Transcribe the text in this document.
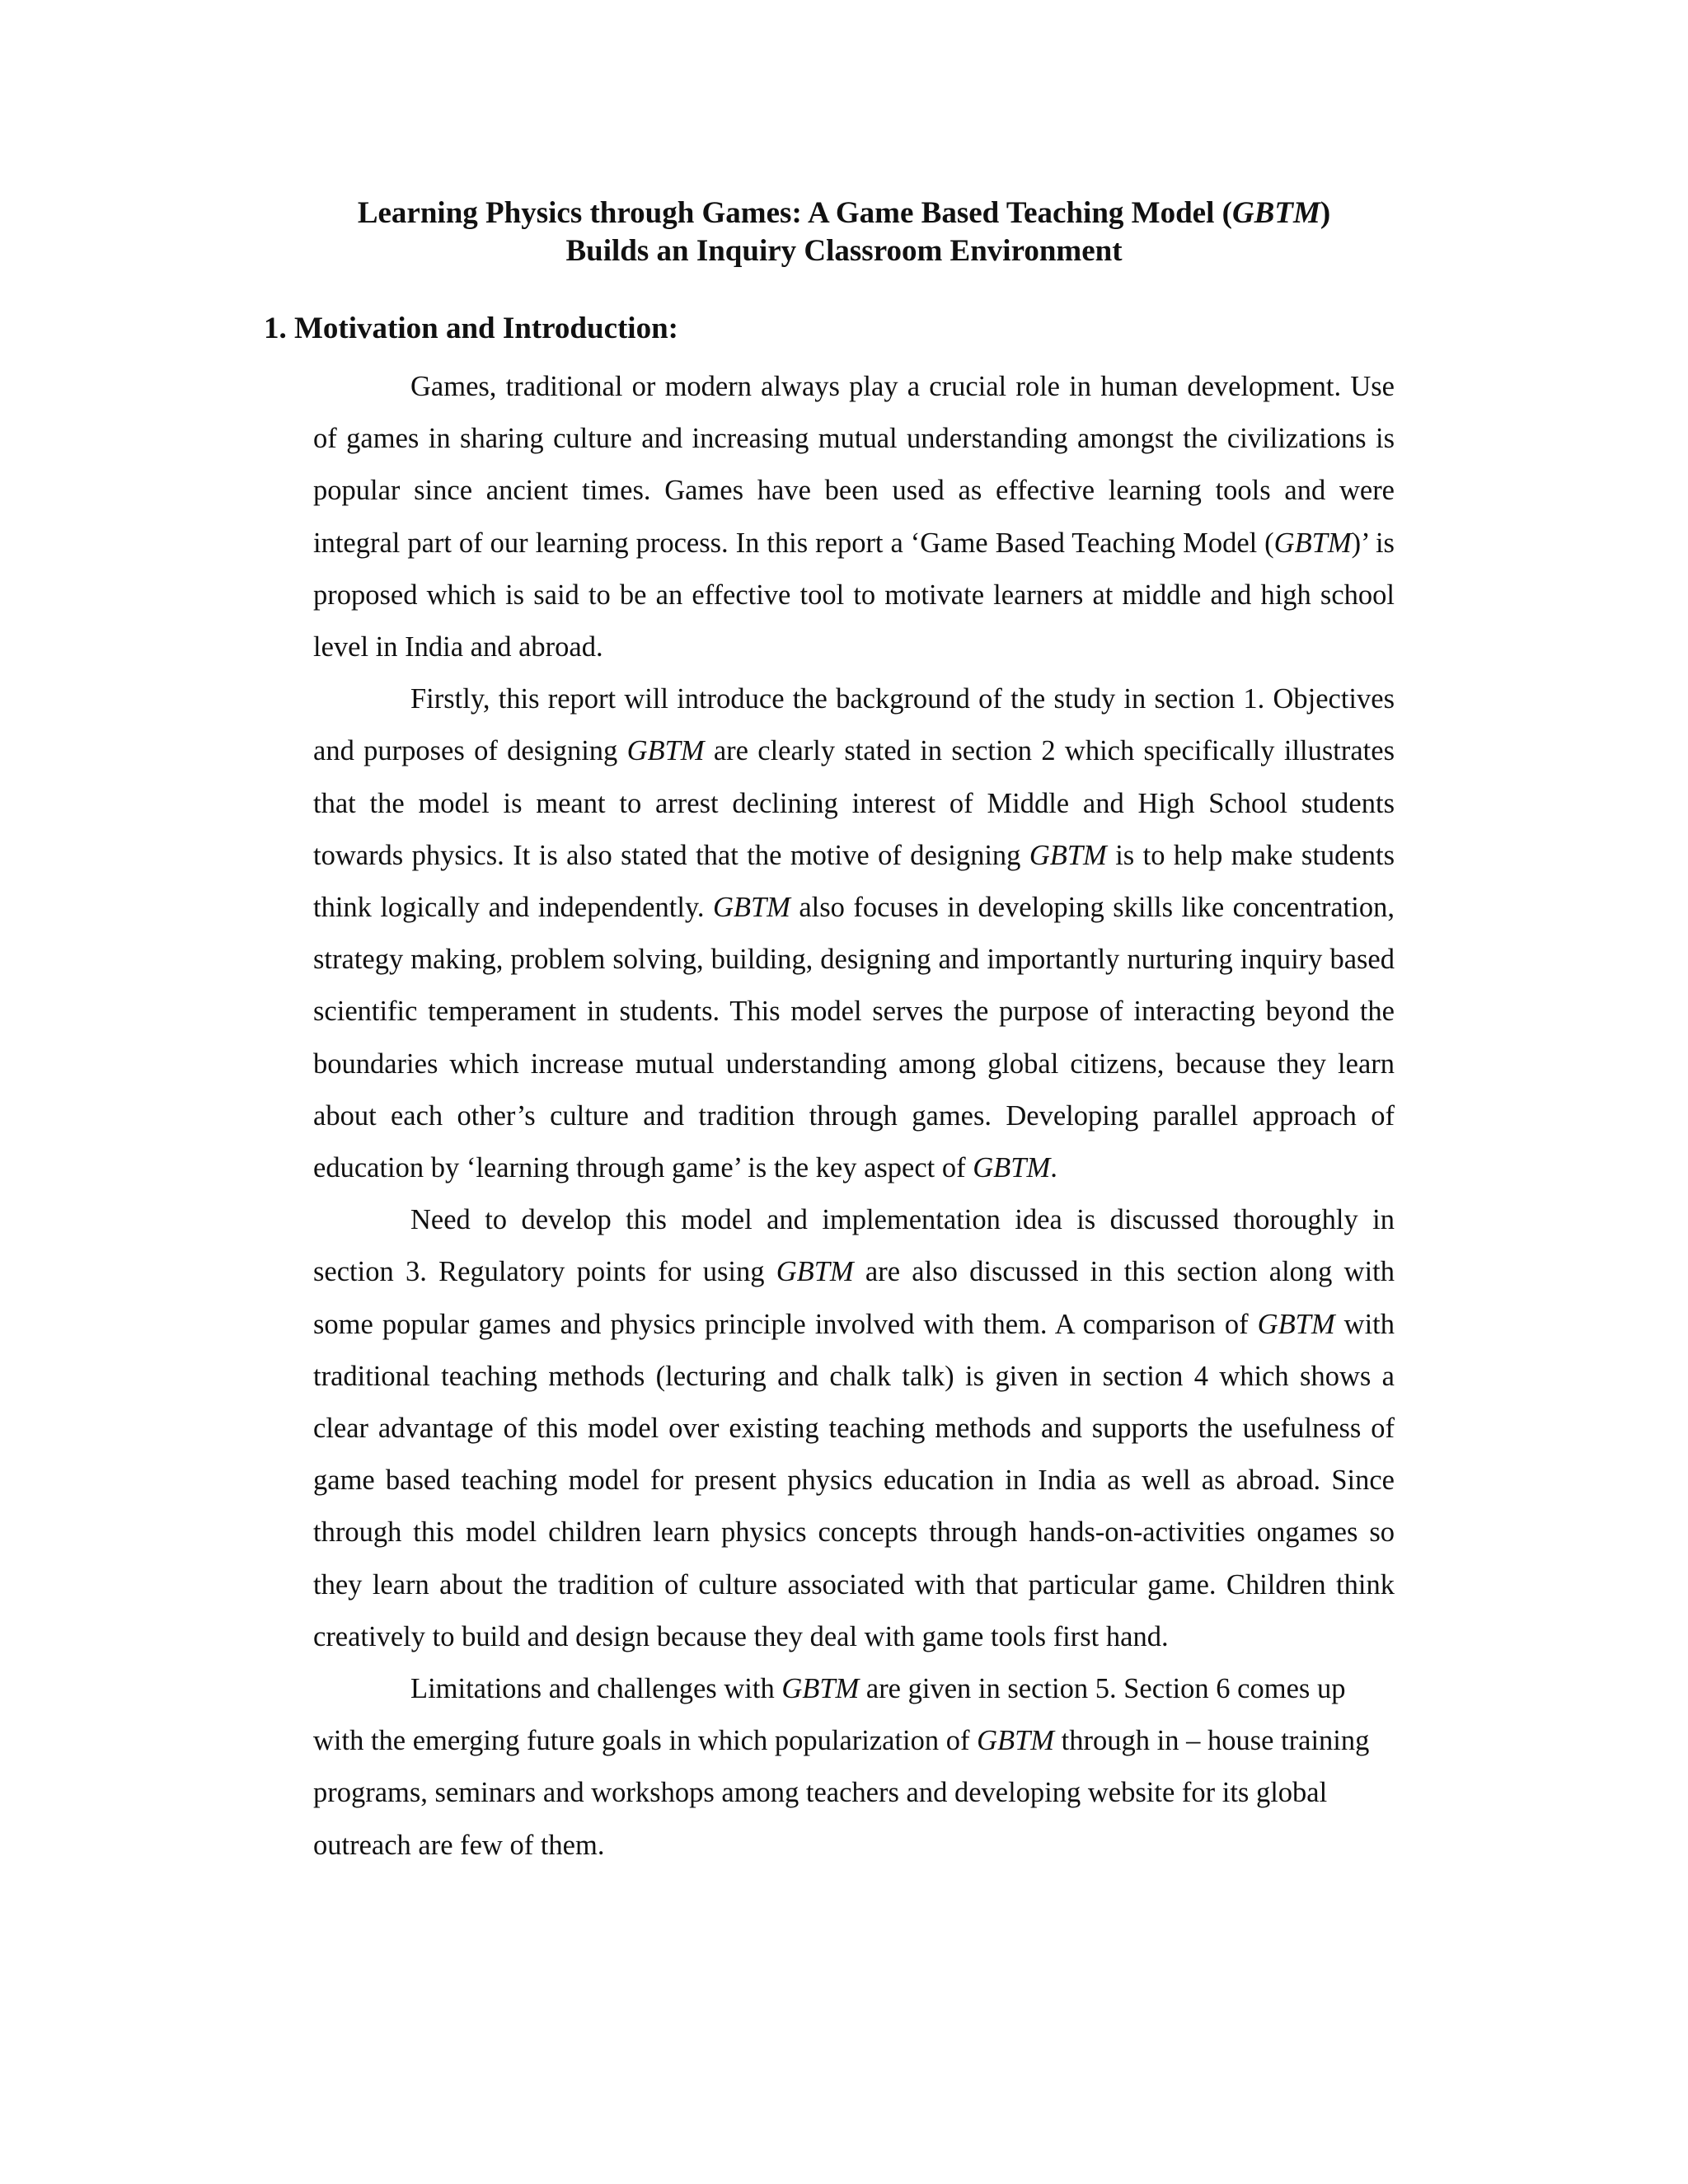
Learning Physics through Games: A Game Based Teaching Model (GBTM)
Builds an Inquiry Classroom Environment
1. Motivation and Introduction:

Games, traditional or modern always play a crucial role in human development. Use of games in sharing culture and increasing mutual understanding amongst the civilizations is popular since ancient times. Games have been used as effective learning tools and were integral part of our learning process. In this report a ‘Game Based Teaching Model (GBTM)’ is proposed which is said to be an effective tool to motivate learners at middle and high school level in India and abroad.

Firstly, this report will introduce the background of the study in section 1. Objectives and purposes of designing GBTM are clearly stated in section 2 which specifically illustrates that the model is meant to arrest declining interest of Middle and High School students towards physics. It is also stated that the motive of designing GBTM is to help make students think logically and independently. GBTM also focuses in developing skills like concentration, strategy making, problem solving, building, designing and importantly nurturing inquiry based scientific temperament in students. This model serves the purpose of interacting beyond the boundaries which increase mutual understanding among global citizens, because they learn about each other’s culture and tradition through games. Developing parallel approach of education by ‘learning through game’ is the key aspect of GBTM.

Need to develop this model and implementation idea is discussed thoroughly in section 3. Regulatory points for using GBTM are also discussed in this section along with some popular games and physics principle involved with them. A comparison of GBTM with traditional teaching methods (lecturing and chalk talk) is given in section 4 which shows a clear advantage of this model over existing teaching methods and supports the usefulness of game based teaching model for present physics education in India as well as abroad. Since through this model children learn physics concepts through hands-on-activities ongames so they learn about the tradition of culture associated with that particular game. Children think creatively to build and design because they deal with game tools first hand.

Limitations and challenges with GBTM are given in section 5. Section 6 comes up with the emerging future goals in which popularization of GBTM through in – house training programs, seminars and workshops among teachers and developing website for its global outreach are few of them.
